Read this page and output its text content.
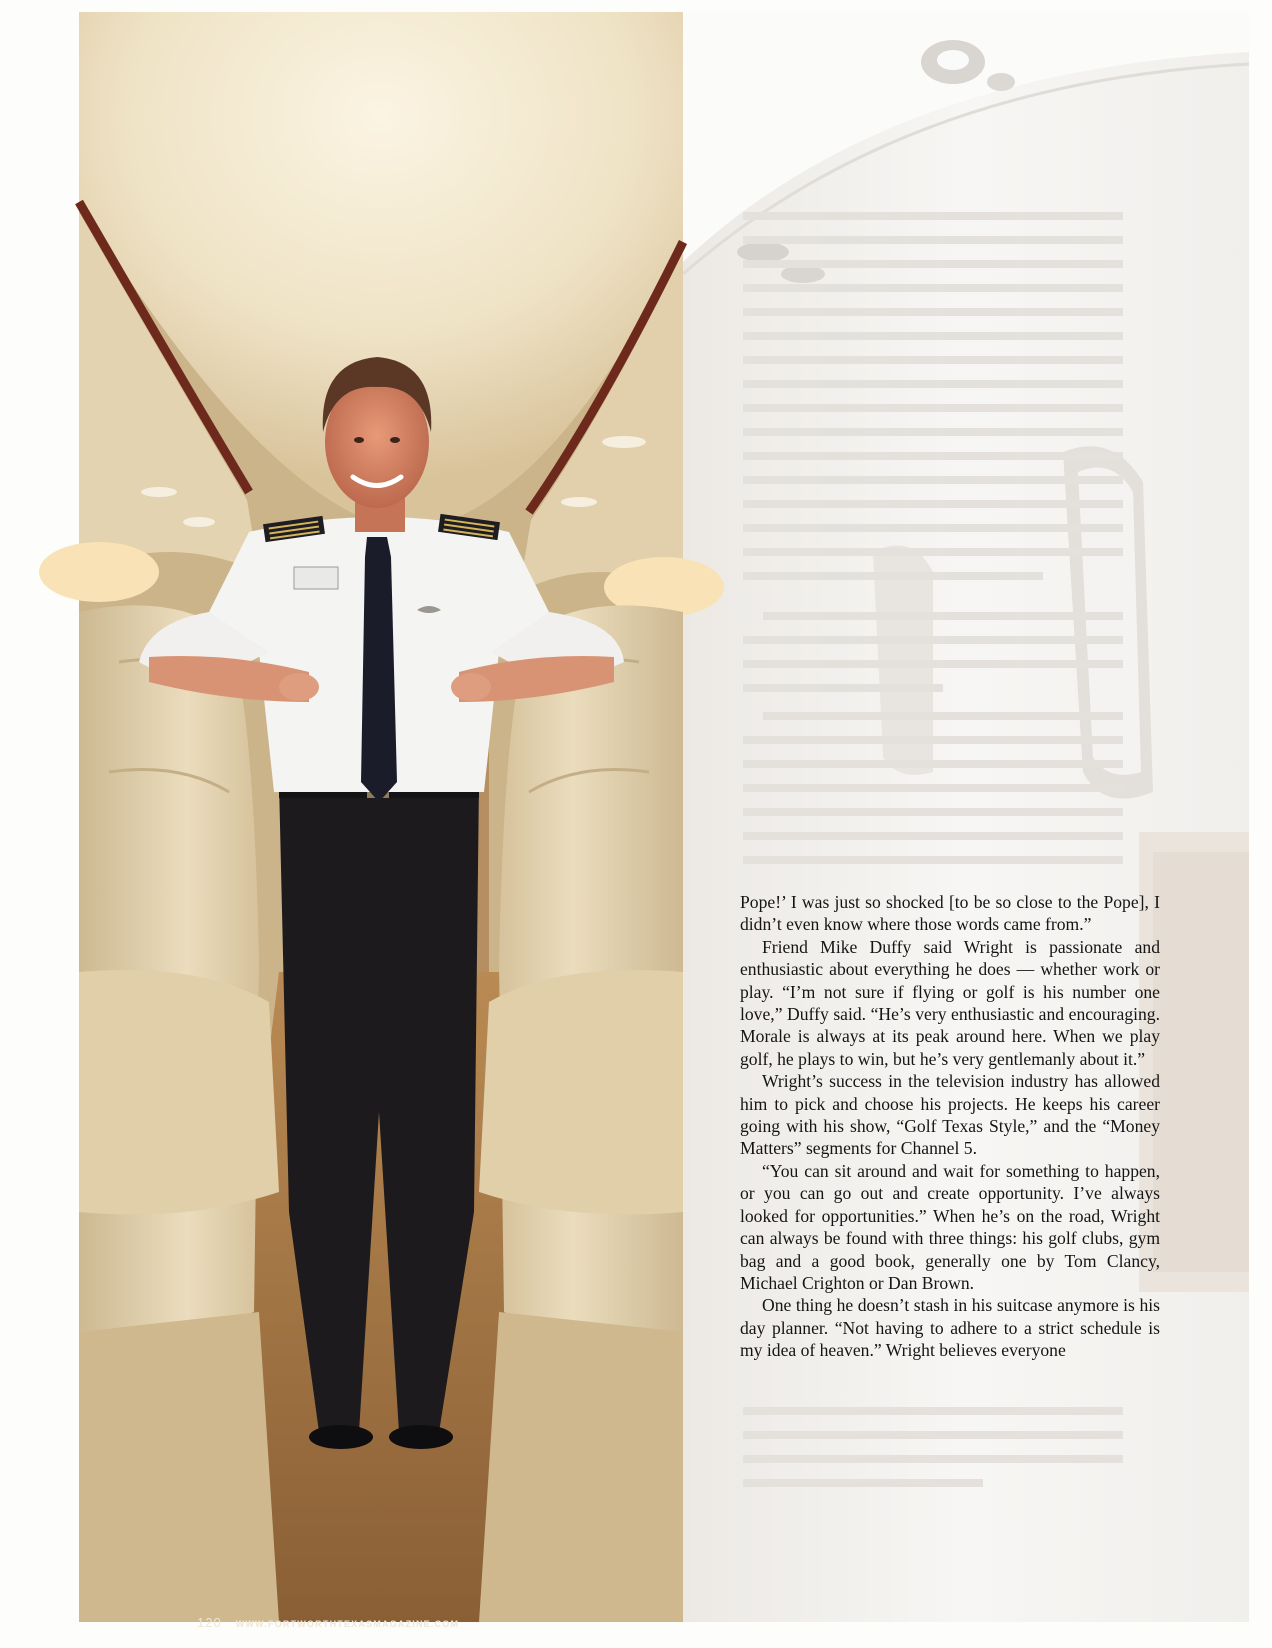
120 WWW.FORTWORTHTEXASMAGAZINE.COM

Pope!’ I was just so shocked [to be so close to the Pope], I didn’t even know where those words came from.”

Friend Mike Duffy said Wright is passionate and enthusiastic about everything he does — whether work or play. “I’m not sure if flying or golf is his number one love,” Duffy said. “He’s very enthusiastic and encouraging. Morale is always at its peak around here. When we play golf, he plays to win, but he’s very gentlemanly about it.”

Wright’s success in the television industry has allowed him to pick and choose his projects. He keeps his career going with his show, “Golf Texas Style,” and the “Money Matters” segments for Channel 5.

“You can sit around and wait for something to happen, or you can go out and create opportunity. I’ve always looked for opportunities.” When he’s on the road, Wright can always be found with three things: his golf clubs, gym bag and a good book, generally one by Tom Clancy, Michael Crighton or Dan Brown.

One thing he doesn’t stash in his suitcase anymore is his day planner. “Not having to adhere to a strict schedule is my idea of heaven.” Wright believes everyone
